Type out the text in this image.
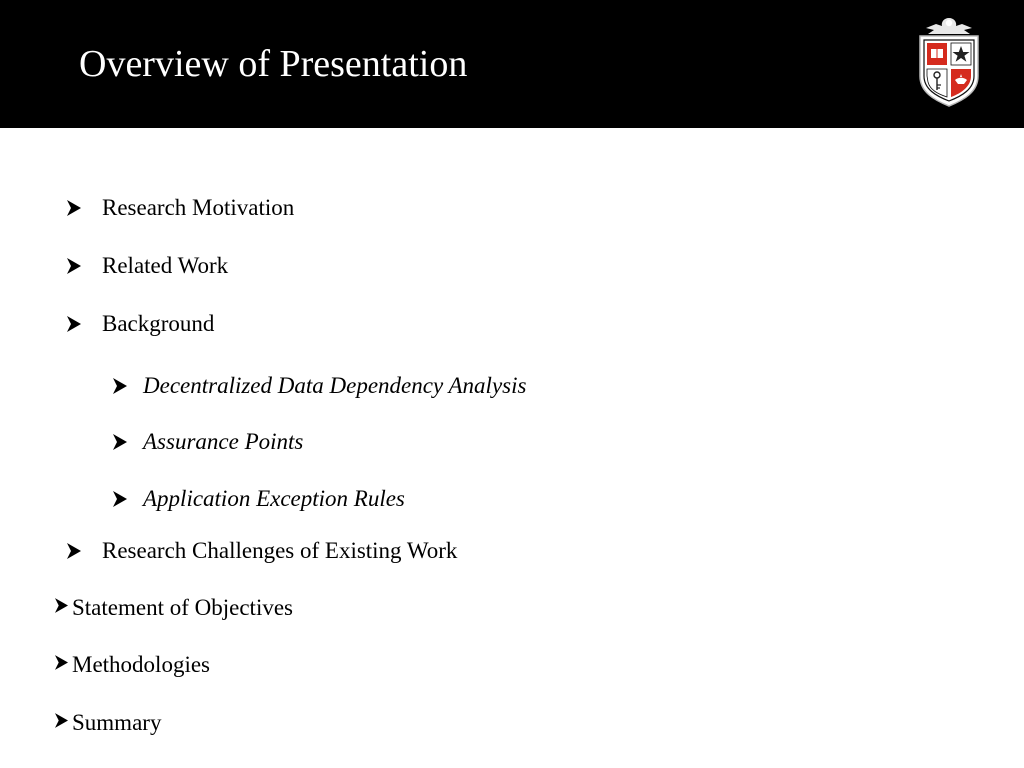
Overview of Presentation
Research Motivation
Related Work
Background
Decentralized Data Dependency Analysis
Assurance Points
Application Exception Rules
Research Challenges of Existing Work
Statement of Objectives
Methodologies
Summary
